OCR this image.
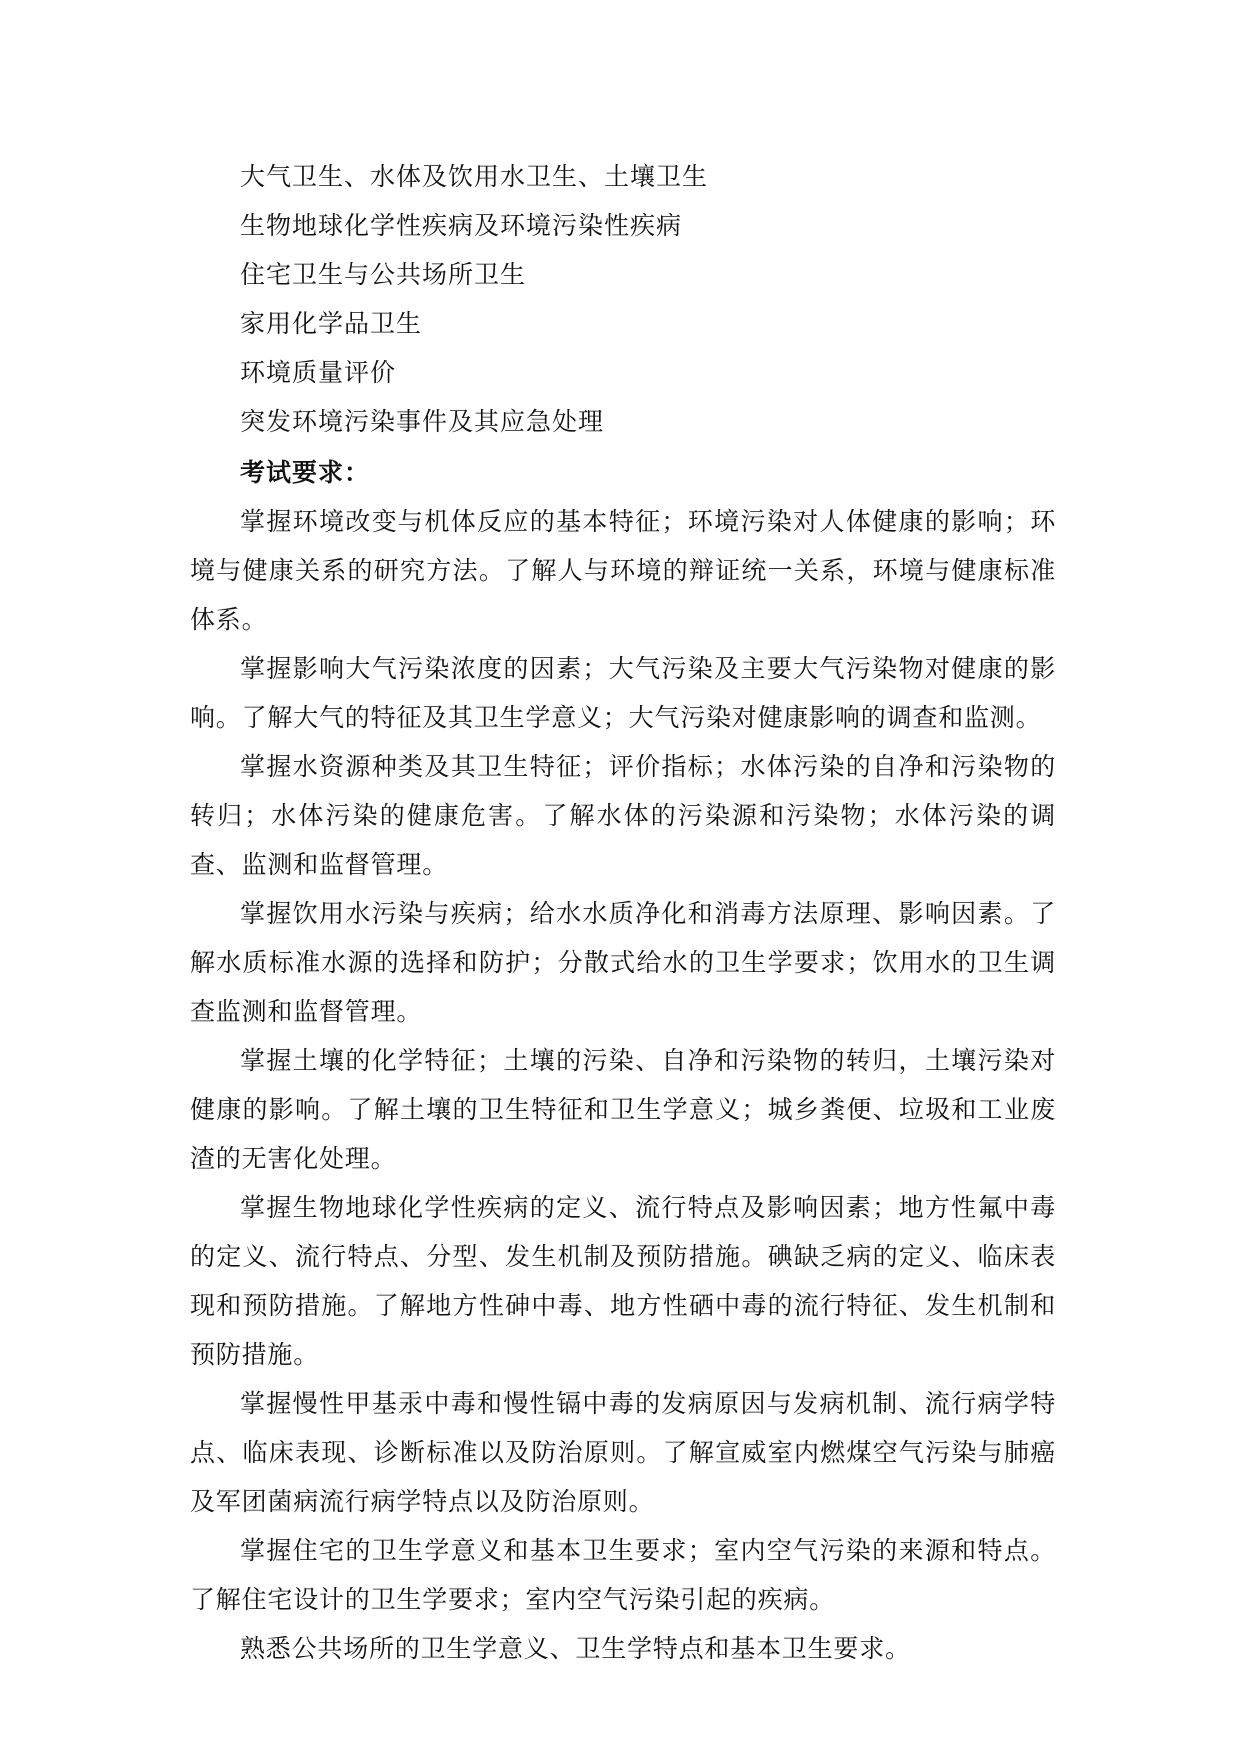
大气卫生、水体及饮用水卫生、土壤卫生
生物地球化学性疾病及环境污染性疾病
住宅卫生与公共场所卫生
家用化学品卫生
环境质量评价
突发环境污染事件及其应急处理
考试要求：

掌握环境改变与机体反应的基本特征；环境污染对人体健康的影响；环境与健康关系的研究方法。了解人与环境的辩证统一关系，环境与健康标准体系。

掌握影响大气污染浓度的因素；大气污染及主要大气污染物对健康的影响。了解大气的特征及其卫生学意义；大气污染对健康影响的调查和监测。

掌握水资源种类及其卫生特征；评价指标；水体污染的自净和污染物的转归；水体污染的健康危害。了解水体的污染源和污染物；水体污染的调查、监测和监督管理。

掌握饮用水污染与疾病；给水水质净化和消毒方法原理、影响因素。了解水质标准水源的选择和防护；分散式给水的卫生学要求；饮用水的卫生调查监测和监督管理。

掌握土壤的化学特征；土壤的污染、自净和污染物的转归，土壤污染对健康的影响。了解土壤的卫生特征和卫生学意义；城乡粪便、垃圾和工业废渣的无害化处理。

掌握生物地球化学性疾病的定义、流行特点及影响因素；地方性氟中毒的定义、流行特点、分型、发生机制及预防措施。碘缺乏病的定义、临床表现和预防措施。了解地方性砷中毒、地方性硒中毒的流行特征、发生机制和预防措施。

掌握慢性甲基汞中毒和慢性镉中毒的发病原因与发病机制、流行病学特点、临床表现、诊断标准以及防治原则。了解宣威室内燃煤空气污染与肺癌及军团菌病流行病学特点以及防治原则。

掌握住宅的卫生学意义和基本卫生要求；室内空气污染的来源和特点。了解住宅设计的卫生学要求；室内空气污染引起的疾病。

熟悉公共场所的卫生学意义、卫生学特点和基本卫生要求。
